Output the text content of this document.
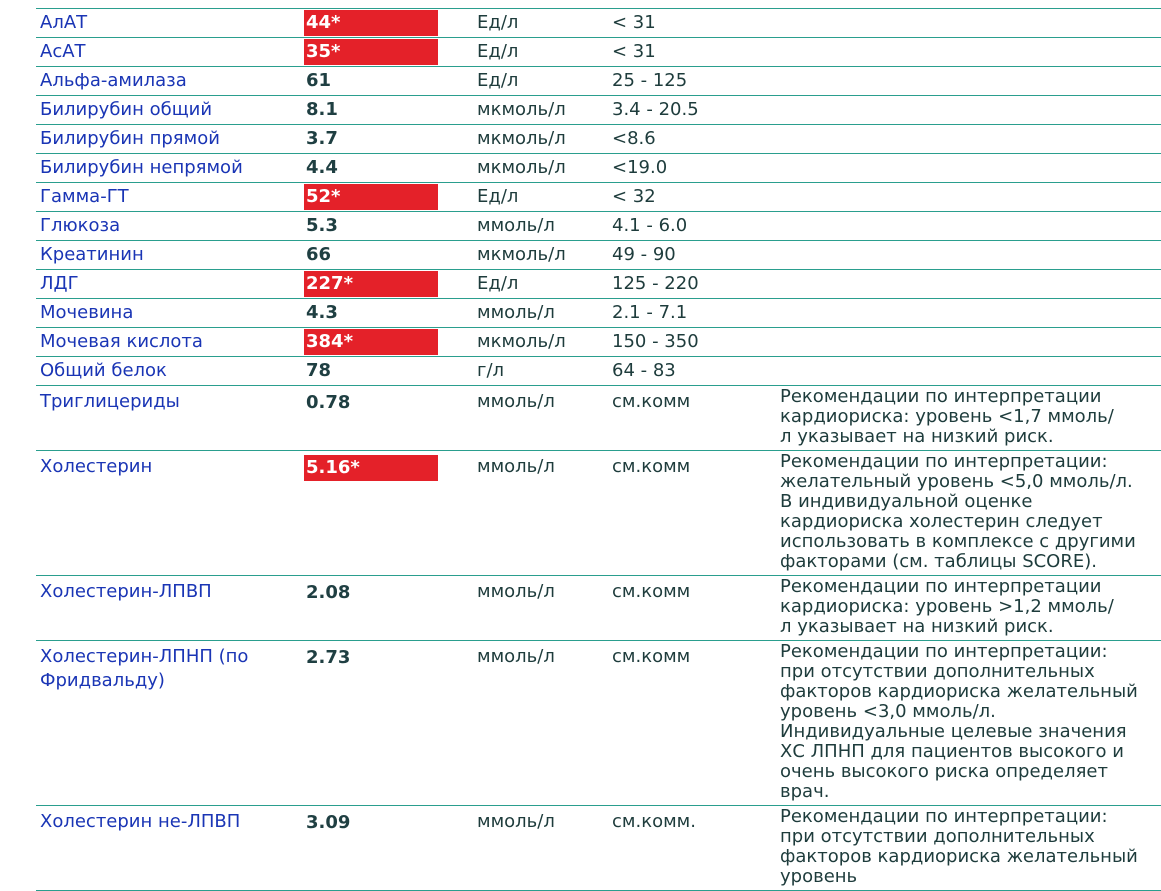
АлАТ	44*	Ед/л	< 31	

АсАТ	35*	Ед/л	< 31	

Альфа-амилаза	61	Ед/л	25 - 125	

Билирубин общий	8.1	мкмоль/л	3.4 - 20.5	

Билирубин прямой	3.7	мкмоль/л	<8.6	

Билирубин непрямой	4.4	мкмоль/л	<19.0	

Гамма-ГТ	52*	Ед/л	< 32	

Глюкоза	5.3	ммоль/л	4.1 - 6.0	

Креатинин	66	мкмоль/л	49 - 90	

ЛДГ	227*	Ед/л	125 - 220	

Мочевина	4.3	ммоль/л	2.1 - 7.1	

Мочевая кислота	384*	мкмоль/л	150 - 350	

Общий белок	78	г/л	64 - 83	

Триглицериды	0.78	ммоль/л	см.комм	Рекомендации по интерпретации кардиориска: уровень <1,7 ммоль/л указывает на низкий риск.

Холестерин	5.16*	ммоль/л	см.комм	Рекомендации по интерпретации: желательный уровень <5,0 ммоль/л. В индивидуальной оценке кардиориска холестерин следует использовать в комплексе с другими факторами (см. таблицы SCORE).

Холестерин-ЛПВП	2.08	ммоль/л	см.комм	Рекомендации по интерпретации кардиориска: уровень >1,2 ммоль/л указывает на низкий риск.

Холестерин-ЛПНП (по Фридвальду)	2.73	ммоль/л	см.комм	Рекомендации по интерпретации: при отсутствии дополнительных факторов кардиориска желательный уровень <3,0 ммоль/л. Индивидуальные целевые значения ХС ЛПНП для пациентов высокого и очень высокого риска определяет врач.

Холестерин не-ЛПВП	3.09	ммоль/л	см.комм.	Рекомендации по интерпретации: при отсутствии дополнительных факторов кардиориска желательный уровень
